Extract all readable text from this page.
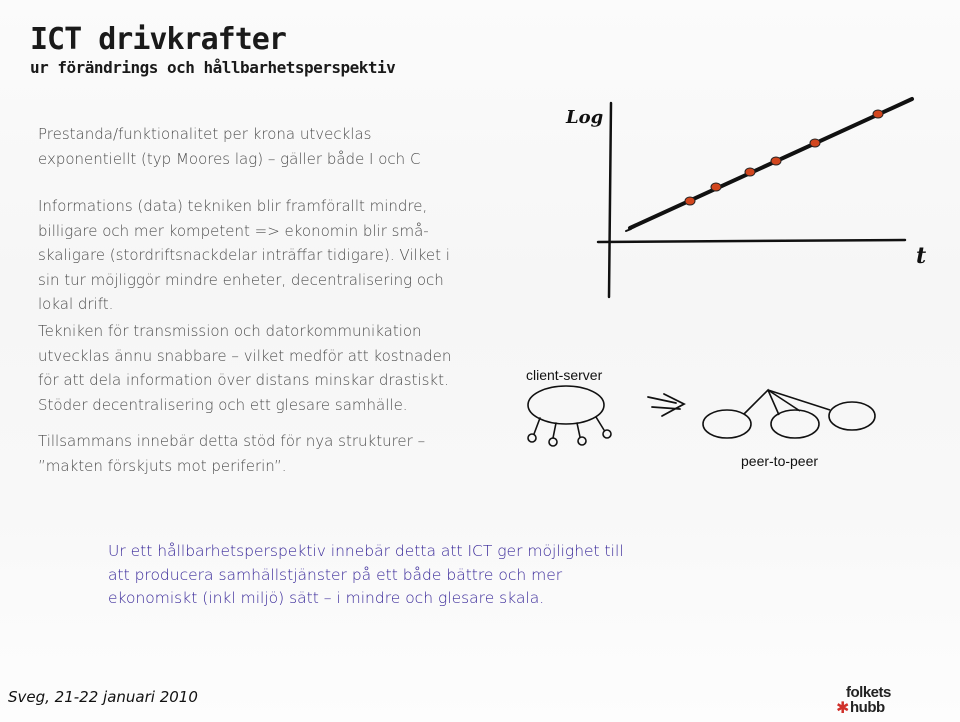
ICT drivkrafter
ur förändrings och hållbarhetsperspektiv
Prestanda/funktionalitet per krona utvecklas
exponentiellt (typ Moores lag) – gäller både I och C
Informations (data) tekniken blir framförallt mindre,
billigare och mer kompetent => ekonomin blir små-
skaligare (stordriftsnackdelar inträffar tidigare). Vilket i
sin tur möjliggör mindre enheter, decentralisering och
lokal drift.
Tekniken för transmission och datorkommunikation
utvecklas ännu snabbare – vilket medför att kostnaden
för att dela information över distans minskar drastiskt.
Stöder decentralisering och ett glesare samhälle.
Tillsammans innebär detta stöd för nya strukturer –
”makten förskjuts mot periferin”.
Ur ett hållbarhetsperspektiv innebär detta att ICT ger möjlighet till
att producera samhällstjänster på ett både bättre och mer
ekonomiskt (inkl miljö) sätt – i mindre och glesare skala.
Log
t
client-server
peer-to-peer
Sveg, 21-22 januari 2010
✱
folkets
hubb
